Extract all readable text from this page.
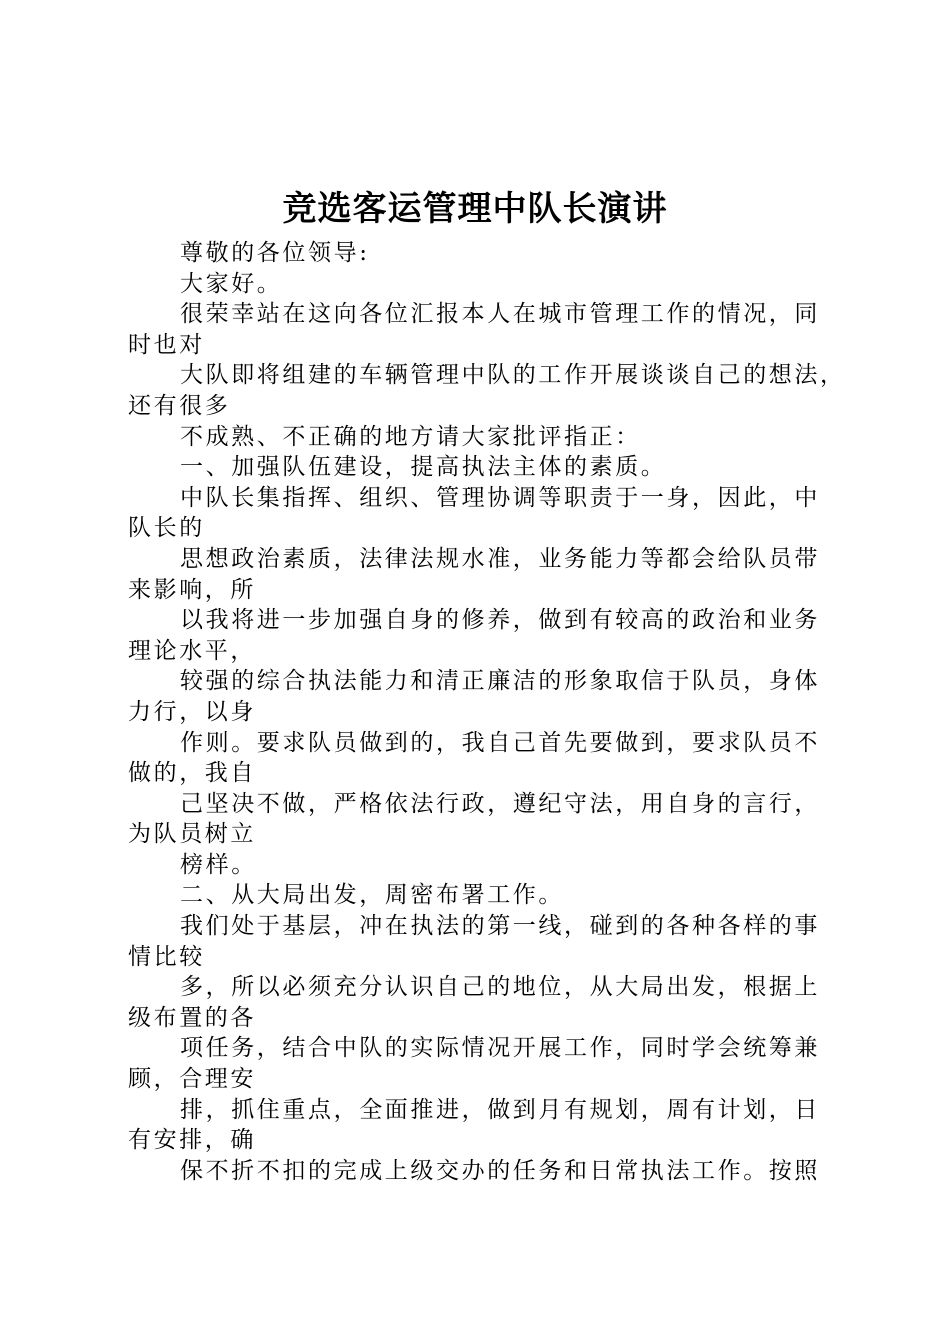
竞选客运管理中队长演讲

尊敬的各位领导:

大家好。

很荣幸站在这向各位汇报本人在城市管理工作的情况，同
时也对

大队即将组建的车辆管理中队的工作开展谈谈自己的想法，
还有很多

不成熟、不正确的地方请大家批评指正：

一、加强队伍建设，提高执法主体的素质。

中队长集指挥、组织、管理协调等职责于一身，因此，中
队长的

思想政治素质，法律法规水准，业务能力等都会给队员带
来影响，所

以我将进一步加强自身的修养，做到有较高的政治和业务
理论水平，

较强的综合执法能力和清正廉洁的形象取信于队员，身体
力行，以身

作则。要求队员做到的，我自己首先要做到，要求队员不
做的，我自

己坚决不做，严格依法行政，遵纪守法，用自身的言行，
为队员树立

榜样。

二、从大局出发，周密布署工作。

我们处于基层，冲在执法的第一线，碰到的各种各样的事
情比较

多，所以必须充分认识自己的地位，从大局出发，根据上
级布置的各

项任务，结合中队的实际情况开展工作，同时学会统筹兼
顾，合理安

排，抓住重点，全面推进，做到月有规划，周有计划，日
有安排，确

保不折不扣的完成上级交办的任务和日常执法工作。按照
